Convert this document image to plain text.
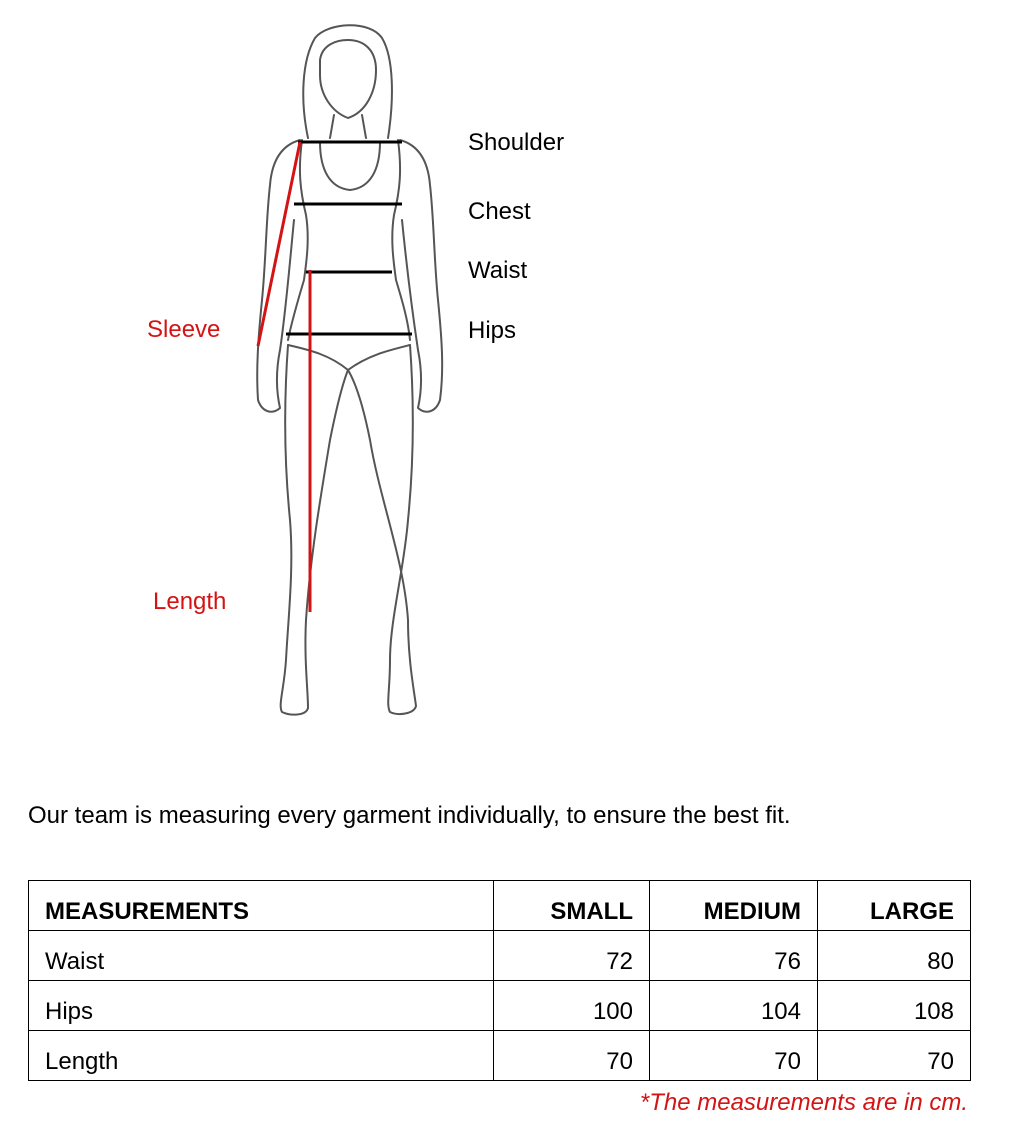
Shoulder
Chest
Waist
Hips
Sleeve
Length
Our team is measuring every garment individually, to ensure the best fit.
MEASUREMENTS	SMALL	MEDIUM	LARGE
Waist	72	76	80
Hips	100	104	108
Length	70	70	70
*The measurements are in cm.
